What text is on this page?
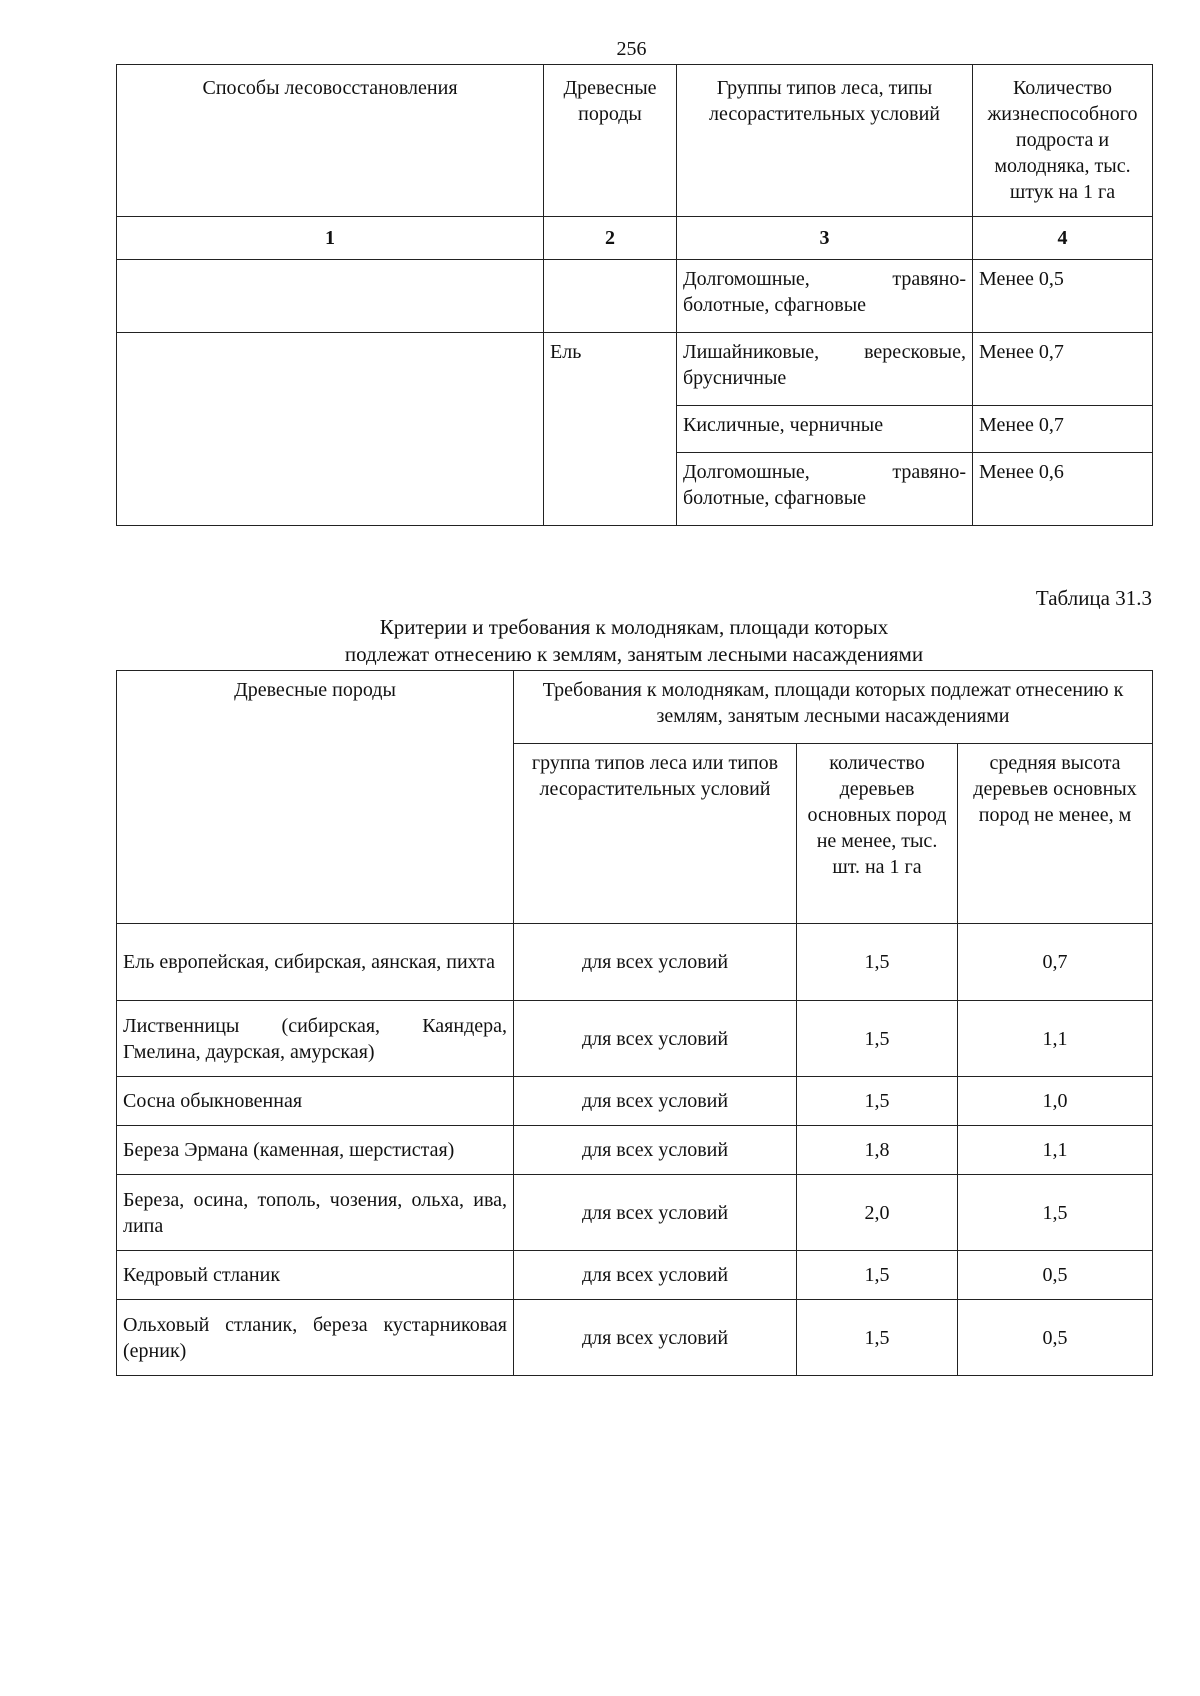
256
Способы лесовосстановления	Древесные породы	Группы типов леса, типы лесорастительных условий	Количество жизнеспособного подроста и молодняка, тыс. штук на 1 га
1	2	3	4
		Долгомошные, травяно-болотные, сфагновые	Менее 0,5
	Ель	Лишайниковые, вересковые, брусничные	Менее 0,7
		Кисличные, черничные	Менее 0,7
		Долгомошные, травяно-болотные, сфагновые	Менее 0,6
Таблица 31.3
Критерии и требования к молоднякам, площади которых
подлежат отнесению к землям, занятым лесными насаждениями
Древесные породы	Требования к молоднякам, площади которых подлежат отнесению к землям, занятым лесными насаждениями		
	группа типов леса или типов лесорастительных условий	количество деревьев основных пород не менее, тыс. шт. на 1 га	средняя высота деревьев основных пород не менее, м
Ель европейская, сибирская, аянская, пихта	для всех условий	1,5	0,7
Лиственницы (сибирская, Каяндера, Гмелина, даурская, амурская)	для всех условий	1,5	1,1
Сосна обыкновенная	для всех условий	1,5	1,0
Береза Эрмана (каменная, шерстистая)	для всех условий	1,8	1,1
Береза, осина, тополь, чозения, ольха, ива, липа	для всех условий	2,0	1,5
Кедровый стланик	для всех условий	1,5	0,5
Ольховый стланик, береза кустарниковая (ерник)	для всех условий	1,5	0,5
